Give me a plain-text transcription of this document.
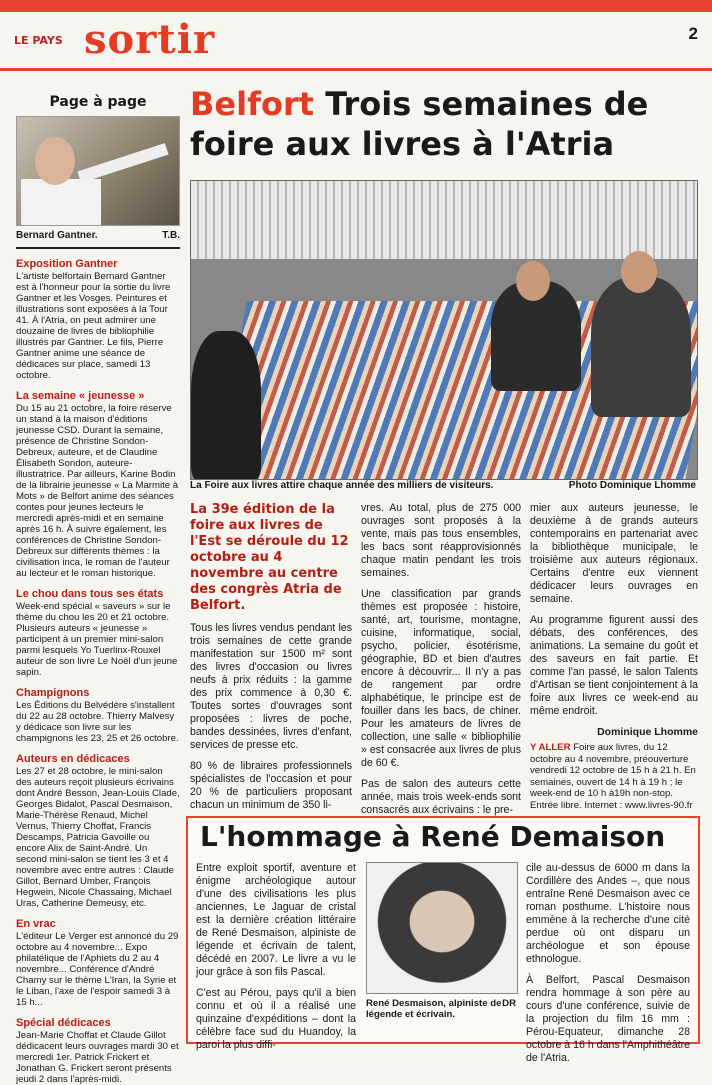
LE PAYS sortir	2
Page à page
Bernard Gantner.	T.B.
Exposition Gantner

L'artiste belfortain Bernard Gantner est à l'honneur pour la sortie du livre Gantner et les Vosges. Peintures et illustrations sont exposées à la Tour 41. À l'Atria, on peut admirer une douzaine de livres de bibliophilie illustrés par Gantner. Le fils, Pierre Gantner anime une séance de dédicaces sur place, samedi 13 octobre.

La semaine « jeunesse »

Du 15 au 21 octobre, la foire réserve un stand à la maison d'éditions jeunesse CSD. Durant la semaine, présence de Christine Sondon-Debreux, auteure, et de Claudine Élisabeth Sondon, auteure-illustratrice. Par ailleurs, Karine Bodin de la librairie jeunesse « La Marmite à Mots » de Belfort anime des séances contes pour jeunes lecteurs le mercredi après-midi et en semaine après 16 h. À suivre également, les conférences de Christine Sondon-Debreux sur différents thèmes : la civilisation inca, le roman de l'auteur au lecteur et le roman historique.

Le chou dans tous ses états

Week-end spécial « saveurs » sur le thème du chou les 20 et 21 octobre. Plusieurs auteurs « jeunesse » participent à un premier mini-salon parmi lesquels Yo Tuerlinx-Rouxel auteur de son livre Le Noël d'un jeune sapin.

Champignons

Les Éditions du Belvédère s'installent du 22 au 28 octobre. Thierry Malvesy y dédicace son livre sur les champignons les 23, 25 et 26 octobre.

Auteurs en dédicaces

Les 27 et 28 octobre, le mini-salon des auteurs reçoit plusieurs écrivains dont André Besson, Jean-Louis Clade, Georges Bidalot, Pascal Desmaison, Marie-Thérèse Renaud, Michel Vernus, Thierry Choffat, Francis Descamps, Patricia Gavoille ou encore Alix de Saint-André. Un second mini-salon se tient les 3 et 4 novembre avec entre autres : Claude Gillot, Bernard Umber, François Hegwein, Nicole Chassaing, Michael Uras, Catherine Demeusy, etc.

En vrac

L'éditeur Le Verger est annoncé du 29 octobre au 4 novembre... Expo philatélique de l'Aphiets du 2 au 4 novembre... Conférence d'André Chamy sur le thème L'Iran, la Syrie et le Liban, l'axe de l'espoir samedi 3 à 15 h...

Spécial dédicaces

Jean-Marie Choffat et Claude Gillot dédicacent leurs ouvrages mardi 30 et mercredi 1er. Patrick Frickert et Jonathan G. Frickert seront présents jeudi 2 dans l'après-midi.

Belfort Trois semaines de foire aux livres à l'Atria
La Foire aux livres attire chaque année des milliers de visiteurs.	Photo Dominique Lhomme

La 39e édition de la foire aux livres de l'Est se déroule du 12 octobre au 4 novembre au centre des congrès Atria de Belfort.

Tous les livres vendus pendant les trois semaines de cette grande manifestation sur 1500 m² sont des livres d'occasion ou livres neufs à prix réduits : la gamme des prix commence à 0,30 €. Toutes sortes d'ouvrages sont proposées : livres de poche, bandes dessinées, livres d'enfant, services de presse etc.

80 % de libraires professionnels spécialistes de l'occasion et pour 20 % de particuliers proposant chacun un minimum de 350 li-

vres. Au total, plus de 275 000 ouvrages sont proposés à la vente, mais pas tous ensembles, les bacs sont réapprovisionnés chaque matin pendant les trois semaines.

Une classification par grands thèmes est proposée : histoire, santé, art, tourisme, montagne, cuisine, informatique, social, psycho, policier, ésotérisme, géographie, BD et bien d'autres encore à découvrir... Il n'y a pas de rangement par ordre alphabétique, le principe est de fouiller dans les bacs, de chiner. Pour les amateurs de livres de collection, une salle « bibliophilie » est consacrée aux livres de plus de 60 €.

Pas de salon des auteurs cette année, mais trois week-ends sont consacrés aux écrivains : le pre-

mier aux auteurs jeunesse, le deuxième à de grands auteurs contemporains en partenariat avec la bibliothèque municipale, le troisième aux auteurs régionaux. Certains d'entre eux viennent dédicacer leurs ouvrages en semaine.

Au programme figurent aussi des débats, des conférences, des animations. La semaine du goût et des saveurs en fait partie. Et comme l'an passé, le salon Talents d'Artisan se tient conjointement à la foire aux livres ce week-end au même endroit.

Dominique Lhomme

Y ALLER Foire aux livres, du 12 octobre au 4 novembre, préouverture vendredi 12 octobre de 15 h à 21 h. En semaines, ouvert de 14 h à 19 h ; le week-end de 10 h à19h non-stop. Entrée libre. Internet : www.livres-90.fr

L'hommage à René Demaison

Entre exploit sportif, aventure et énigme archéologique autour d'une des civilisations les plus anciennes, Le Jaguar de cristal est la dernière création littéraire de René Desmaison, alpiniste de légende et écrivain de talent, décédé en 2007. Le livre a vu le jour grâce à son fils Pascal.

C'est au Pérou, pays qu'il a bien connu et où il a réalisé une quinzaine d'expéditions – dont la célèbre face sud du Huandoy, la paroi la plus diffi-

René Desmaison, alpiniste de légende et écrivain.
DR

cile au-dessus de 6000 m dans la Cordillère des Andes –, que nous entraîne René Desmaison avec ce roman posthume. L'histoire nous emmène à la recherche d'une cité perdue où ont disparu un archéologue et son épouse ethnologue.

À Belfort, Pascal Desmaison rendra hommage à son père au cours d'une conférence, suivie de la projection du film 16 mm : Pérou-Equateur, dimanche 28 octobre à 16 h dans l'Amphithéâtre de l'Atria.
